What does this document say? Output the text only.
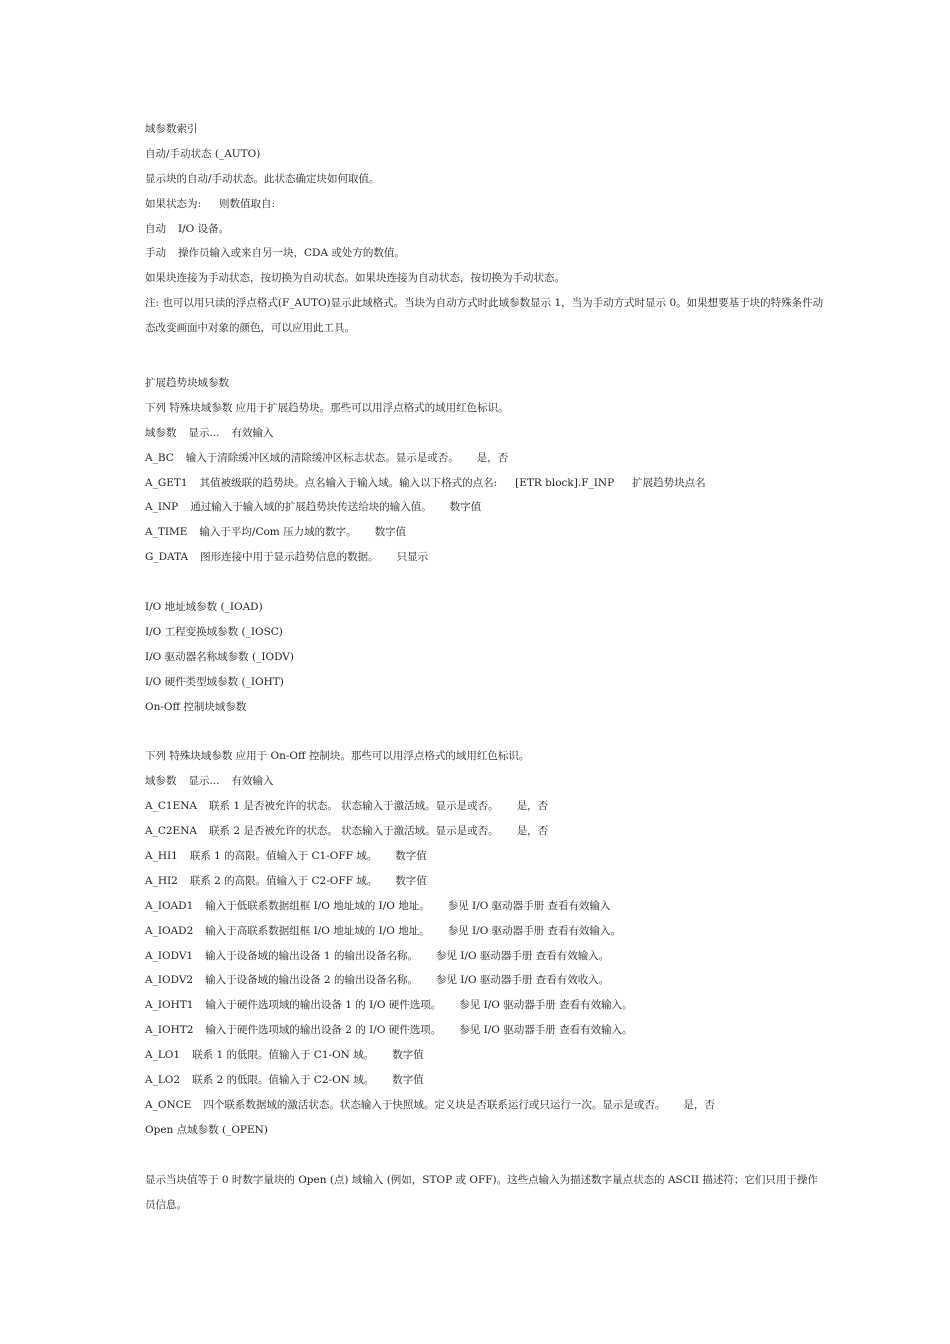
域参数索引
自动/手动状态 (_AUTO)
显示块的自动/手动状态。此状态确定块如何取值。
如果状态为: 则数值取自:
自动 I/O 设备。
手动 操作员输入或来自另一块，CDA 或处方的数值。
如果块连接为手动状态，按切换为自动状态。如果块连接为自动状态，按切换为手动状态。
注: 也可以用只读的浮点格式(F_AUTO)显示此域格式。当块为自动方式时此域参数显示 1，当为手动方式时显示 0。如果想要基于块的特殊条件动态改变画面中对象的颜色，可以应用此工具。
扩展趋势块域参数
下列 特殊块域参数 应用于扩展趋势块。那些可以用浮点格式的域用红色标识。
域参数 显示... 有效输入
A_BC 输入于清除缓冲区域的清除缓冲区标志状态。显示是或否。 是，否
A_GET1 其值被级联的趋势块。点名输入于输入域。输入以下格式的点名: [ETR block].F_INP 扩展趋势块点名
A_INP 通过输入于输入域的扩展趋势块传送给块的输入值。 数字值
A_TIME 输入于平均/Com 压力域的数字。 数字值
G_DATA 图形连接中用于显示趋势信息的数据。 只显示
I/O 地址域参数 (_IOAD)
I/O 工程变换域参数 (_IOSC)
I/O 驱动器名称域参数 (_IODV)
I/O 硬件类型域参数 (_IOHT)
On-Off 控制块域参数
下列 特殊块域参数 应用于 On-Off 控制块。那些可以用浮点格式的域用红色标识。
域参数 显示... 有效输入
A_C1ENA 联系 1 是否被允许的状态。 状态输入于激活域。显示是或否。 是，否
A_C2ENA 联系 2 是否被允许的状态。 状态输入于激活域。显示是或否。 是，否
A_HI1 联系 1 的高限。值输入于 C1-OFF 域。 数字值
A_HI2 联系 2 的高限。值输入于 C2-OFF 域。 数字值
A_IOAD1 输入于低联系数据组框 I/O 地址域的 I/O 地址。 参见 I/O 驱动器手册 查看有效输入
A_IOAD2 输入于高联系数据组框 I/O 地址域的 I/O 地址。 参见 I/O 驱动器手册 查看有效输入。
A_IODV1 输入于设备域的输出设备 1 的输出设备名称。 参见 I/O 驱动器手册 查看有效输入。
A_IODV2 输入于设备域的输出设备 2 的输出设备名称。 参见 I/O 驱动器手册 查看有效收入。
A_IOHT1 输入于硬件选项域的输出设备 1 的 I/O 硬件选项。 参见 I/O 驱动器手册 查看有效输入。
A_IOHT2 输入于硬件选项域的输出设备 2 的 I/O 硬件选项。 参见 I/O 驱动器手册 查看有效输入。
A_LO1 联系 1 的低限。值输入于 C1-ON 域。 数字值
A_LO2 联系 2 的低限。值输入于 C2-ON 域。 数字值
A_ONCE 四个联系数据域的激活状态。状态输入于快照域。定义块是否联系运行或只运行一次。显示是或否。 是，否
Open 点域参数 (_OPEN)
显示当块值等于 0 时数字量块的 Open (点) 域输入 (例如，STOP 或 OFF)。这些点输入为描述数字量点状态的 ASCII 描述符；它们只用于操作员信息。
